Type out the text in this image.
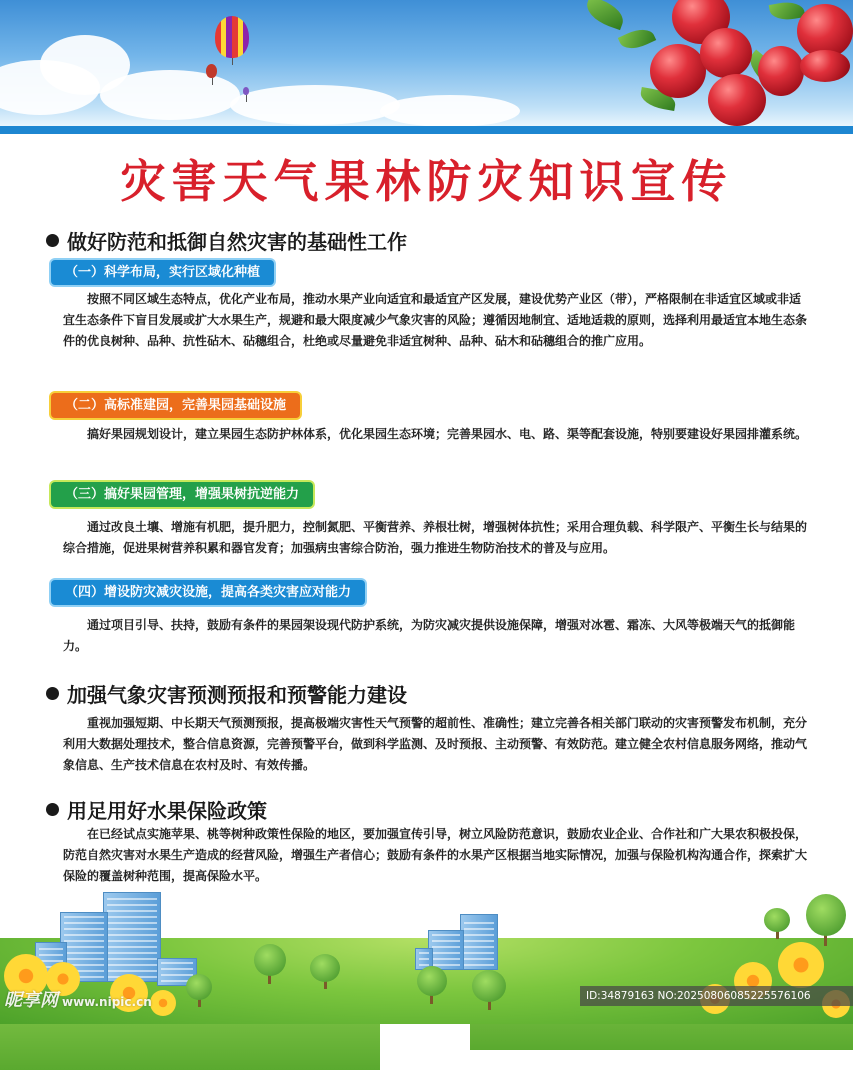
灾害天气果林防灾知识宣传
做好防范和抵御自然灾害的基础性工作
（一）科学布局，实行区域化种植
按照不同区域生态特点，优化产业布局，推动水果产业向适宜和最适宜产区发展，建设优势产业区（带），严格限制在非适宜区域或非适宜生态条件下盲目发展或扩大水果生产，规避和最大限度减少气象灾害的风险；遵循因地制宜、适地适栽的原则，选择利用最适宜本地生态条件的优良树种、品种、抗性砧木、砧穗组合，杜绝或尽量避免非适宜树种、品种、砧木和砧穗组合的推广应用。
（二）高标准建园，完善果园基础设施
搞好果园规划设计，建立果园生态防护林体系，优化果园生态环境；完善果园水、电、路、渠等配套设施，特别要建设好果园排灌系统。
（三）搞好果园管理，增强果树抗逆能力
通过改良土壤、增施有机肥，提升肥力，控制氮肥、平衡营养、养根壮树，增强树体抗性；采用合理负载、科学限产、平衡生长与结果的综合措施，促进果树营养积累和器官发育；加强病虫害综合防治，强力推进生物防治技术的普及与应用。
（四）增设防灾减灾设施，提高各类灾害应对能力
通过项目引导、扶持，鼓励有条件的果园架设现代防护系统，为防灾减灾提供设施保障，增强对冰雹、霜冻、大风等极端天气的抵御能力。
加强气象灾害预测预报和预警能力建设
重视加强短期、中长期天气预测预报，提高极端灾害性天气预警的超前性、准确性；建立完善各相关部门联动的灾害预警发布机制，充分利用大数据处理技术，整合信息资源，完善预警平台，做到科学监测、及时预报、主动预警、有效防范。建立健全农村信息服务网络，推动气象信息、生产技术信息在农村及时、有效传播。
用足用好水果保险政策
在已经试点实施苹果、桃等树种政策性保险的地区，要加强宣传引导，树立风险防范意识，鼓励农业企业、合作社和广大果农积极投保，防范自然灾害对水果生产造成的经营风险，增强生产者信心；鼓励有条件的水果产区根据当地实际情况，加强与保险机构沟通合作，探索扩大保险的覆盖树种范围，提高保险水平。
昵享网 www.nipic.cn	ID:34879163 NO:20250806085225576106
